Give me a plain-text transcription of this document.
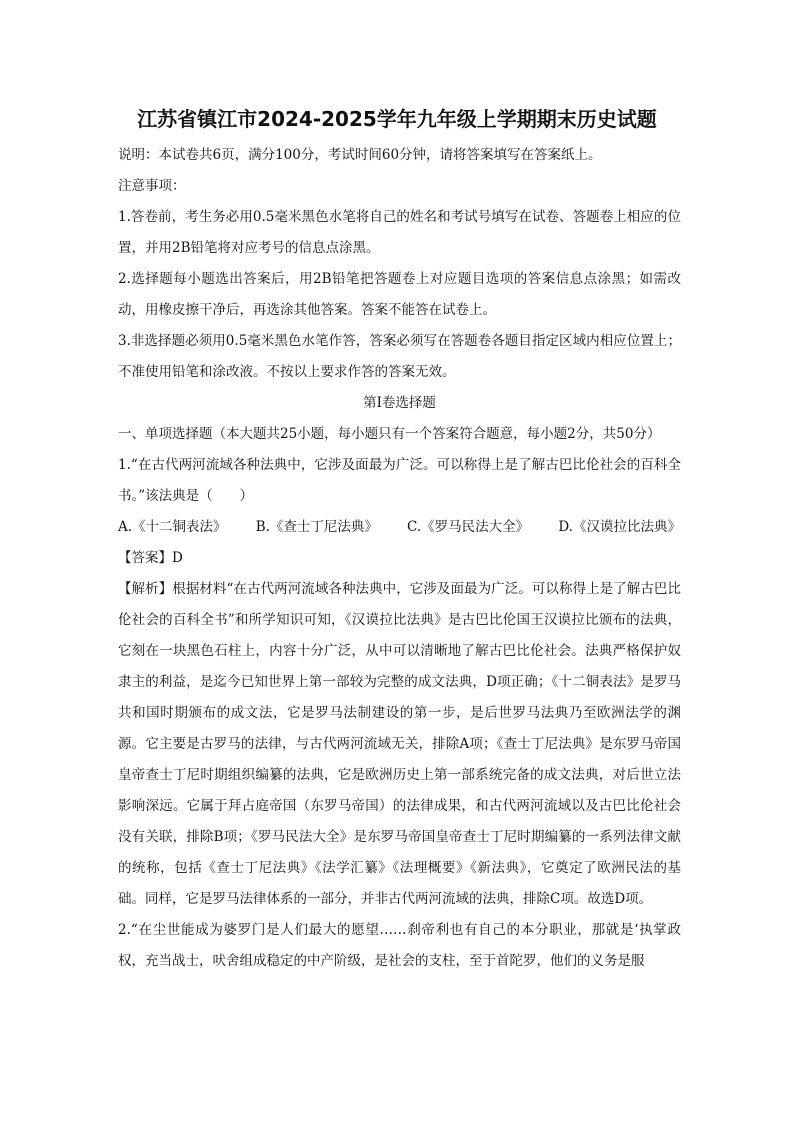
江苏省镇江市2024-2025学年九年级上学期期末历史试题

说明：本试卷共6页，满分100分，考试时间60分钟，请将答案填写在答案纸上。

注意事项：

1.答卷前，考生务必用0.5毫米黑色水笔将自己的姓名和考试号填写在试卷、答题卷上相应的位置，并用2B铅笔将对应考号的信息点涂黑。

2.选择题每小题选出答案后，用2B铅笔把答题卷上对应题目选项的答案信息点涂黑；如需改动，用橡皮擦干净后，再选涂其他答案。答案不能答在试卷上。

3.非选择题必须用0.5毫米黑色水笔作答，答案必须写在答题卷各题目指定区域内相应位置上；不准使用铅笔和涂改液。不按以上要求作答的答案无效。

第Ⅰ卷选择题

一、单项选择题（本大题共25小题，每小题只有一个答案符合题意，每小题2分，共50分）

1.“在古代两河流域各种法典中，它涉及面最为广泛。可以称得上是了解古巴比伦社会的百科全书。”该法典是（　　）

A.《十二铜表法》 B.《查士丁尼法典》 C.《罗马民法大全》 D.《汉谟拉比法典》

【答案】D

【解析】根据材料“在古代两河流域各种法典中，它涉及面最为广泛。可以称得上是了解古巴比伦社会的百科全书”和所学知识可知，《汉谟拉比法典》是古巴比伦国王汉谟拉比颁布的法典，它刻在一块黑色石柱上，内容十分广泛，从中可以清晰地了解古巴比伦社会。法典严格保护奴隶主的利益，是迄今已知世界上第一部较为完整的成文法典，D项正确；《十二铜表法》是罗马共和国时期颁布的成文法，它是罗马法制建设的第一步，是后世罗马法典乃至欧洲法学的渊源。它主要是古罗马的法律，与古代两河流域无关，排除A项；《查士丁尼法典》是东罗马帝国皇帝查士丁尼时期组织编纂的法典，它是欧洲历史上第一部系统完备的成文法典，对后世立法影响深远。它属于拜占庭帝国（东罗马帝国）的法律成果，和古代两河流域以及古巴比伦社会没有关联，排除B项；《罗马民法大全》是东罗马帝国皇帝查士丁尼时期编纂的一系列法律文献的统称，包括《查士丁尼法典》《法学汇纂》《法理概要》《新法典》，它奠定了欧洲民法的基础。同样，它是罗马法律体系的一部分，并非古代两河流域的法典，排除C项。故选D项。

2.“在尘世能成为婆罗门是人们最大的愿望……刹帝利也有自己的本分职业，那就是‘执掌政权，充当战士，吠舍组成稳定的中产阶级，是社会的支柱，至于首陀罗，他们的义务是服
